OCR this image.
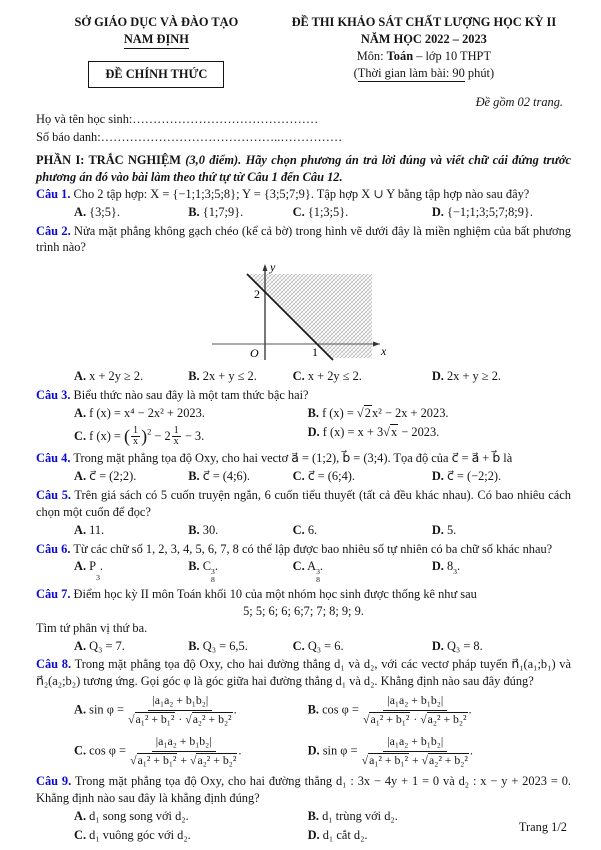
SỞ GIÁO DỤC VÀ ĐÀO TẠO
NAM ĐỊNH
ĐỀ CHÍNH THỨC
ĐỀ THI KHẢO SÁT CHẤT LƯỢNG HỌC KỲ II
NĂM HỌC 2022 – 2023
Môn: Toán – lớp 10 THPT
(Thời gian làm bài: 90 phút)
Đề gồm 02 trang.
Họ và tên học sinh:………………………………………
Số báo danh:……………………………………..……………
PHẦN I: TRẮC NGHIỆM (3,0 điểm). Hãy chọn phương án trả lời đúng và viết chữ cái đứng trước phương án đó vào bài làm theo thứ tự từ Câu 1 đến Câu 12.
Câu 1. Cho 2 tập hợp: X = {−1;1;3;5;8}; Y = {3;5;7;9}. Tập hợp X ∪ Y bằng tập hợp nào sau đây?
A. {3;5}.	B. {1;7;9}.	C. {1;3;5}.	D. {−1;1;3;5;7;8;9}.
Câu 2. Nửa mặt phẳng không gạch chéo (kể cả bờ) trong hình vẽ dưới đây là miền nghiệm của bất phương trình nào?
y
x
O
2
1
A. x + 2y ≥ 2.	B. 2x + y ≤ 2.	C. x + 2y ≤ 2.	D. 2x + y ≥ 2.
Câu 3. Biểu thức nào sau đây là một tam thức bậc hai?
A. f (x) = x⁴ − 2x² + 2023.	B. f (x) = √ 2x² − 2x + 2023.
C. f (x) = ( $\frac{1}{x} )^2 - 2 \frac{1}{x} - 3$.	D. f (x) = x + 3 √ x − 2023.
Câu 4. Trong mặt phẳng tọa độ Oxy, cho hai vectơ a⃗ = (1;2), b⃗ = (3;4). Tọa độ của c⃗ = a⃗ + b⃗ là
A. c⃗ = (2;2).	B. c⃗ = (4;6).	C. c⃗ = (6;4).	D. c⃗ = (−2;2).
Câu 5. Trên giá sách có 5 cuốn truyện ngắn, 6 cuốn tiểu thuyết (tất cả đều khác nhau). Có bao nhiêu cách chọn một cuốn để đọc?
A. 11.	B. 30.	C. 6.	D. 5.
Câu 6. Từ các chữ số 1, 2, 3, 4, 5, 6, 7, 8 có thể lập được bao nhiêu số tự nhiên có ba chữ số khác nhau?
A. P
3
.	B. C 3
8
.	C. A 3
8
.	D. 8 3 .
Câu 7. Điểm học kỳ II môn Toán khối 10 của một nhóm học sinh được thống kê như sau
5; 5; 6; 6; 6;7; 7; 8; 9; 9.
Tìm tứ phân vị thứ ba.
A. Q₃ = 7.	B. Q₃ = 6,5.	C. Q₃ = 6.	D. Q₃ = 8.
Câu 8. Trong mặt phẳng tọa độ Oxy, cho hai đường thẳng d₁ và d₂, với các vectơ pháp tuyến n⃗₁(a₁;b₁) và n⃗₂(a₂;b₂) tương ứng. Gọi góc φ là góc giữa hai đường thẳng d₁ và d₂. Khẳng định nào sau đây đúng?
A. sin φ = |a₁a₂ + b₁b₂|
√ a₁² + b₁² · √ a₂² + b₂² .	B. cos φ = |a₁a₂ + b₁b₂|
√ a₁² + b₁² · √ a₂² + b₂² .
C. cos φ = |a₁a₂ + b₁b₂|
√ a₁² + b₁² + √ a₂² + b₂² .	D. sin φ = |a₁a₂ + b₁b₂|
√ a₁² + b₁² + √ a₂² + b₂² .
Câu 9. Trong mặt phẳng tọa độ Oxy, cho hai đường thẳng d₁ : 3x − 4y + 1 = 0 và d₂ : x − y + 2023 = 0. Khẳng định nào sau đây là khẳng định đúng?
A. d₁ song song với d₂.	B. d₁ trùng với d₂.
C. d₁ vuông góc với d₂.	D. d₁ cắt d₂.
Trang 1/2
